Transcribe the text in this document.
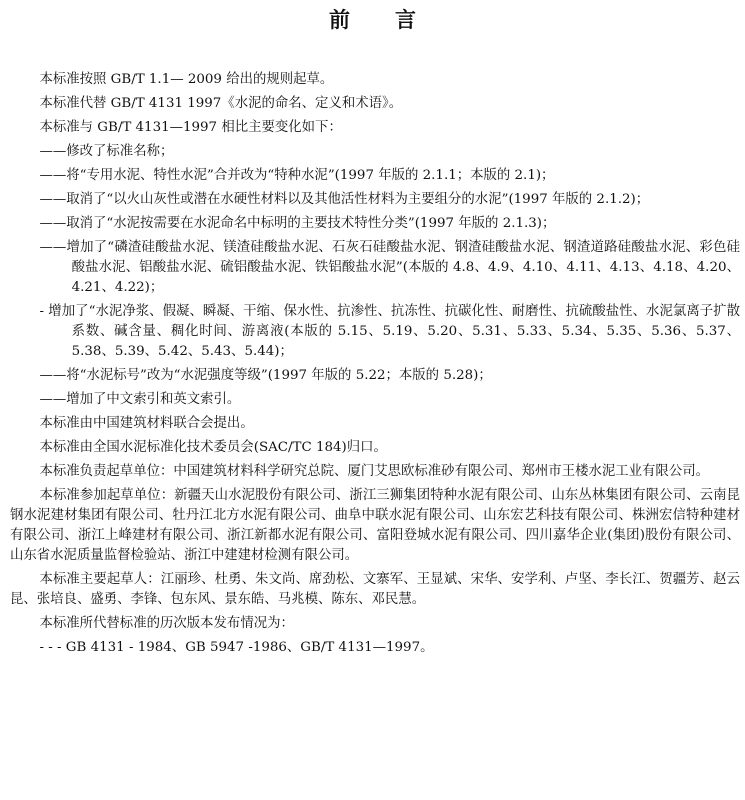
前 言

本标准按照 GB/T 1.1— 2009 给出的规则起草。

本标准代替 GB/T 4131 1997《水泥的命名、定义和术语》。

本标准与 GB/T 4131—1997 相比主要变化如下：

——修改了标准名称；

——将“专用水泥、特性水泥”合并改为“特种水泥”(1997 年版的 2.1.1；本版的 2.1)；

——取消了“以火山灰性或潜在水硬性材料以及其他活性材料为主要组分的水泥”(1997 年版的 2.1.2)；

——取消了“水泥按需要在水泥命名中标明的主要技术特性分类”(1997 年版的 2.1.3)；

——增加了“磷渣硅酸盐水泥、镁渣硅酸盐水泥、石灰石硅酸盐水泥、钢渣硅酸盐水泥、钢渣道路硅酸盐水泥、彩色硅酸盐水泥、铝酸盐水泥、硫铝酸盐水泥、铁铝酸盐水泥”(本版的 4.8、4.9、4.10、4.11、4.13、4.18、4.20、4.21、4.22)；

- 增加了“水泥净浆、假凝、瞬凝、干缩、保水性、抗渗性、抗冻性、抗碳化性、耐磨性、抗硫酸盐性、水泥氯离子扩散系数、碱含量、稠化时间、游离液(本版的 5.15、5.19、5.20、5.31、5.33、5.34、5.35、5.36、5.37、5.38、5.39、5.42、5.43、5.44)；

——将“水泥标号”改为“水泥强度等级”(1997 年版的 5.22；本版的 5.28)；

——增加了中文索引和英文索引。

本标准由中国建筑材料联合会提出。

本标准由全国水泥标准化技术委员会(SAC/TC 184)归口。

本标准负责起草单位：中国建筑材料科学研究总院、厦门艾思欧标准砂有限公司、郑州市王楼水泥工业有限公司。

本标准参加起草单位：新疆天山水泥股份有限公司、浙江三狮集团特种水泥有限公司、山东丛林集团有限公司、云南昆钢水泥建材集团有限公司、牡丹江北方水泥有限公司、曲阜中联水泥有限公司、山东宏艺科技有限公司、株洲宏信特种建材有限公司、浙江上峰建材有限公司、浙江新都水泥有限公司、富阳登城水泥有限公司、四川嘉华企业(集团)股份有限公司、山东省水泥质量监督检验站、浙江中建建材检测有限公司。

本标准主要起草人：江丽珍、杜勇、朱文尚、席劲松、文寨军、王显斌、宋华、安学利、卢坚、李长江、贺疆芳、赵云昆、张培良、盛勇、李锋、包东风、景东皓、马兆模、陈东、邓民慧。

本标准所代替标准的历次版本发布情况为：

- - - GB 4131 - 1984、GB 5947 -1986、GB/T 4131—1997。
